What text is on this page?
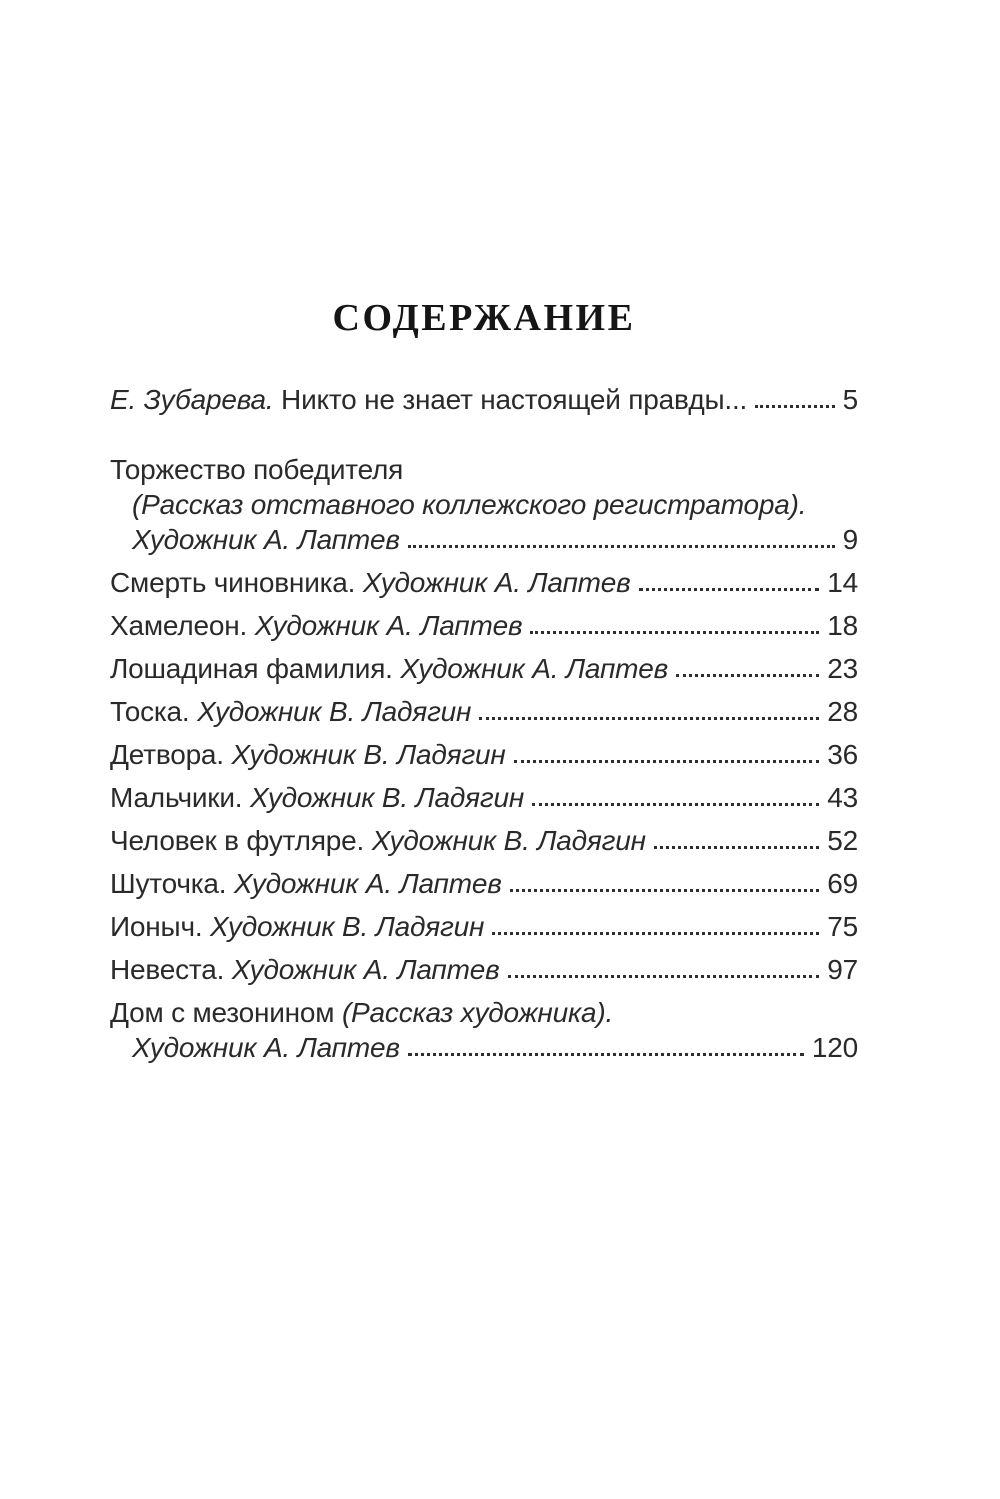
СОДЕРЖАНИЕ
Е. Зубарева. Никто не знает настоящей правды...	5
Торжество победителя
(Рассказ отставного коллежского регистратора).
Художник А. Лаптев	9
Смерть чиновника. Художник А. Лаптев	14
Хамелеон. Художник А. Лаптев	18
Лошадиная фамилия. Художник А. Лаптев	23
Тоска. Художник В. Ладягин	28
Детвора. Художник В. Ладягин	36
Мальчики. Художник В. Ладягин	43
Человек в футляре. Художник В. Ладягин	52
Шуточка. Художник А. Лаптев	69
Ионыч. Художник В. Ладягин	75
Невеста. Художник А. Лаптев	97
Дом с мезонином (Рассказ художника).
Художник А. Лаптев	120
